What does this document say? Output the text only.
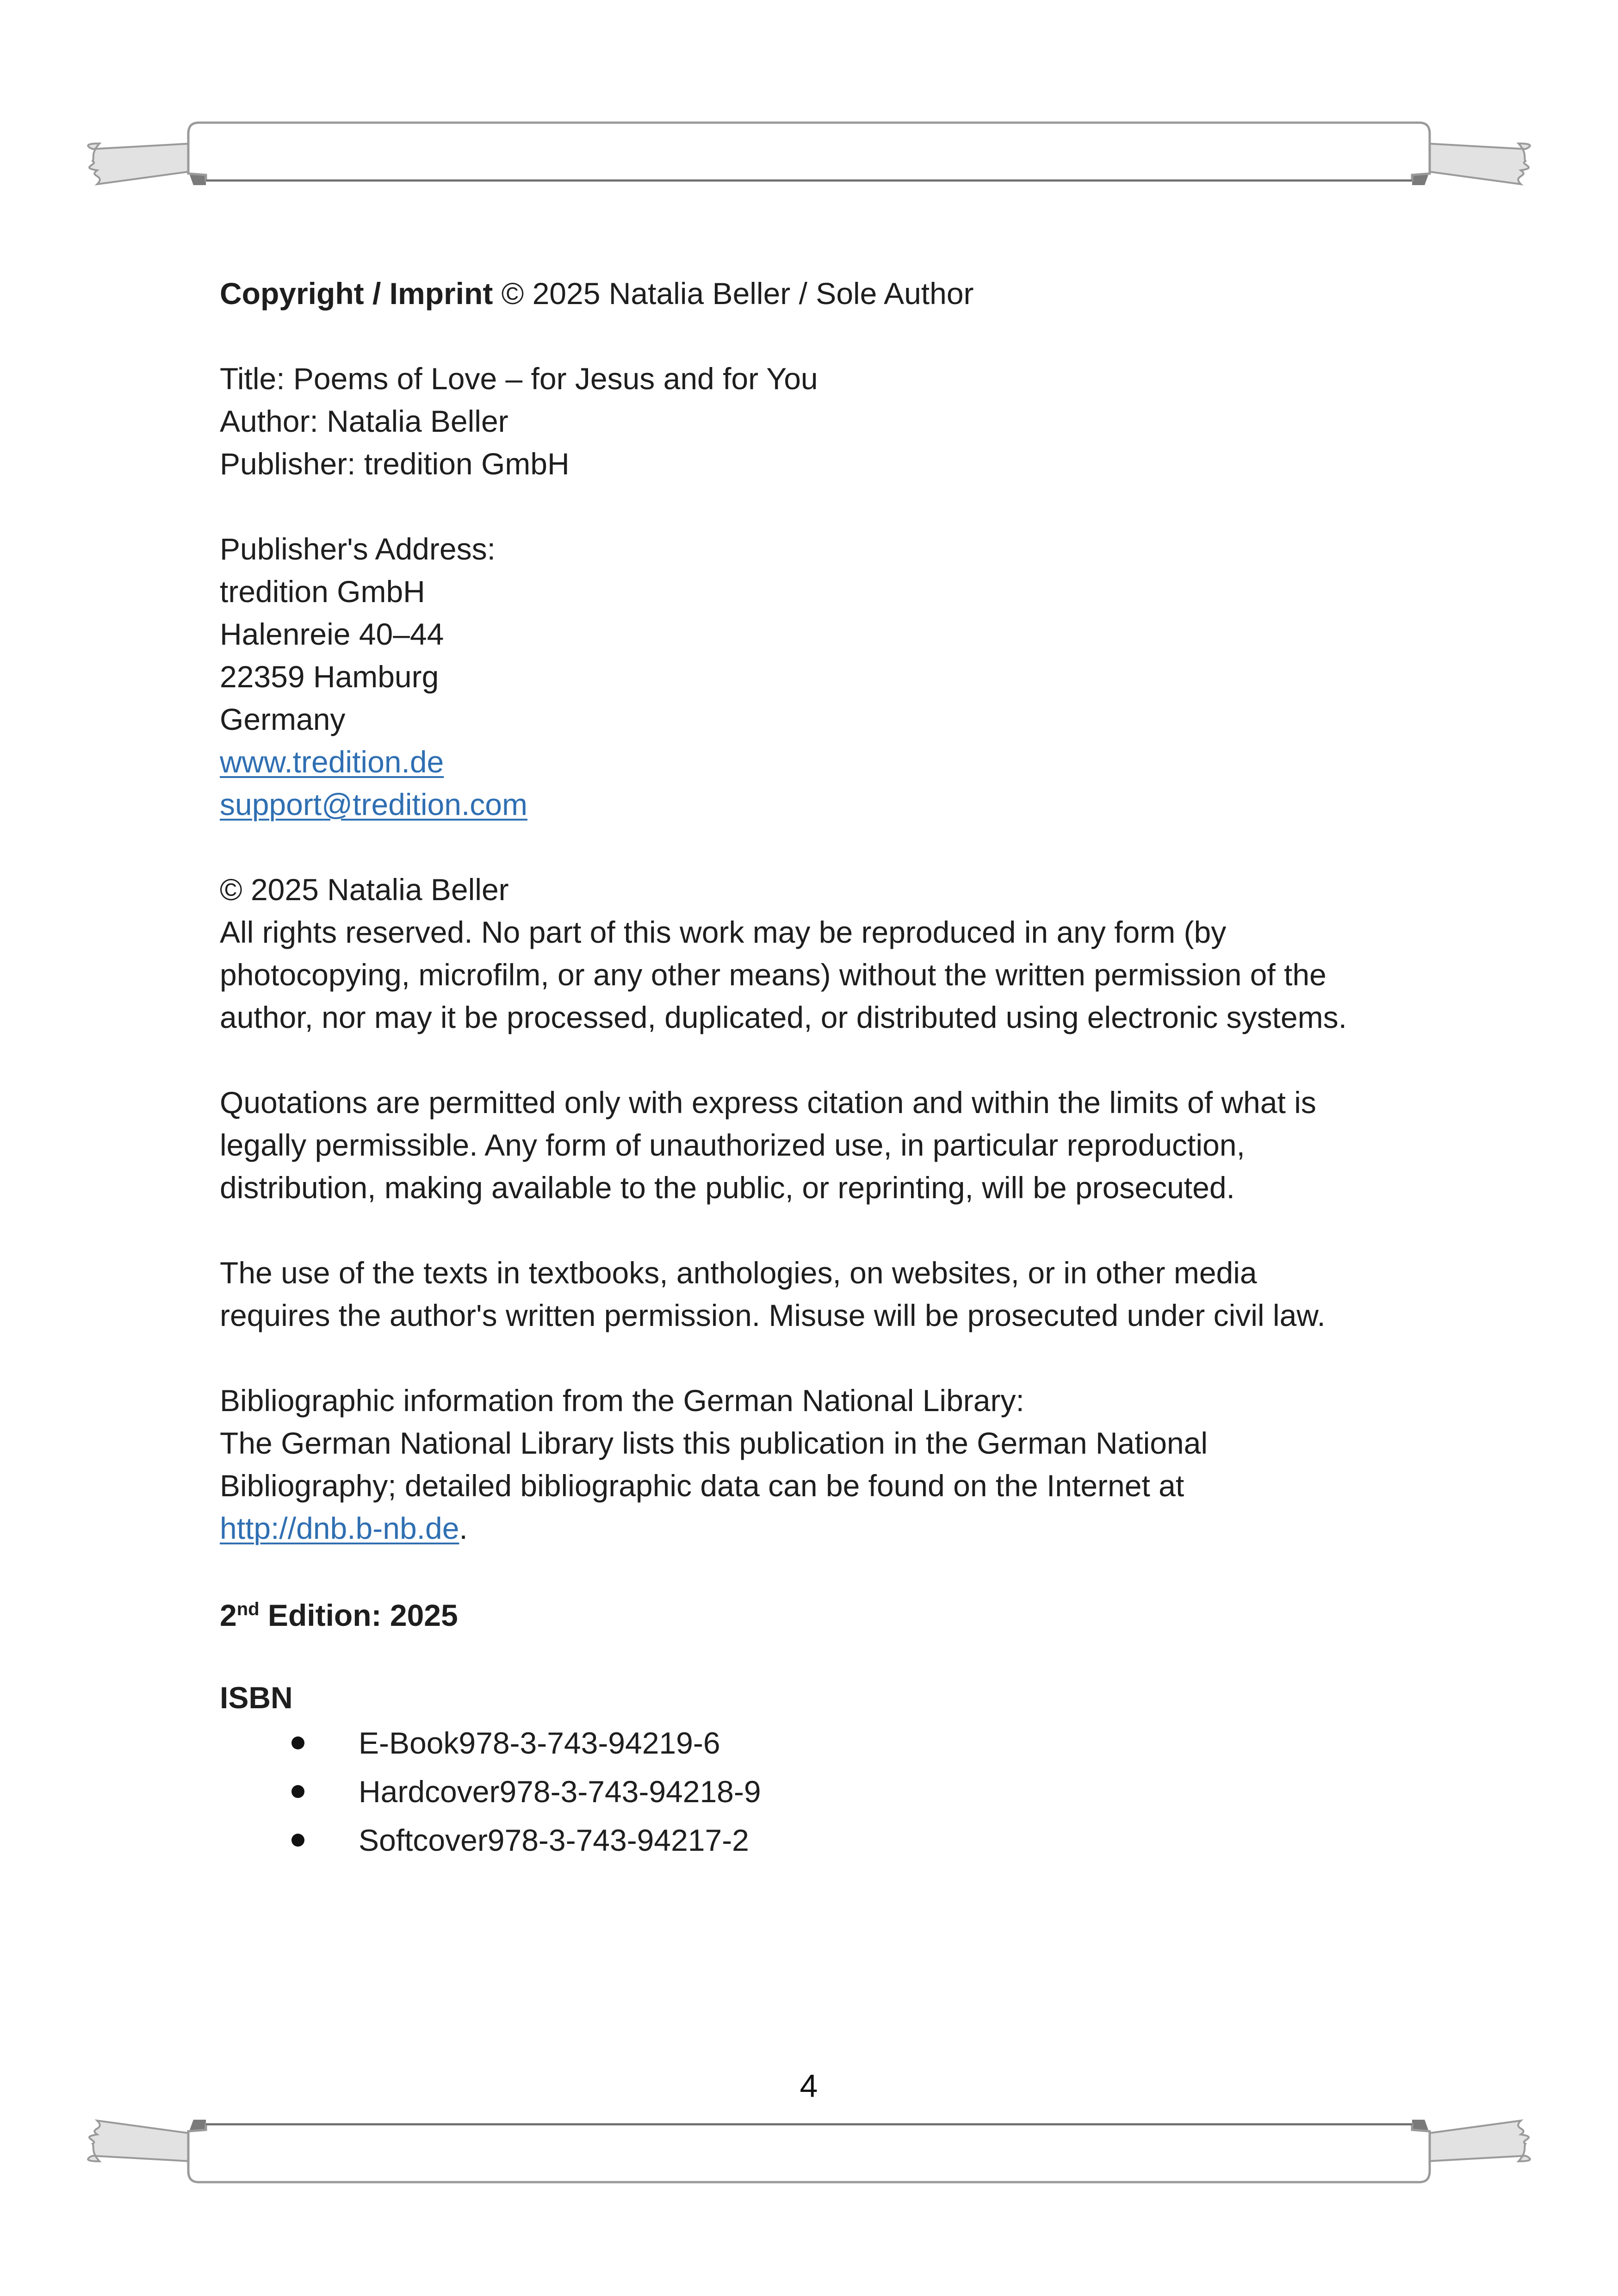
Copyright / Imprint © 2025 Natalia Beller / Sole Author
Title: Poems of Love – for Jesus and for You
Author: Natalia Beller
Publisher: tredition GmbH
Publisher's Address:
tredition GmbH
Halenreie 40–44
22359 Hamburg
Germany
www.tredition.de
support@tredition.com
© 2025 Natalia Beller
All rights reserved. No part of this work may be reproduced in any form (by
photocopying, microfilm, or any other means) without the written permission of the
author, nor may it be processed, duplicated, or distributed using electronic systems.
Quotations are permitted only with express citation and within the limits of what is
legally permissible. Any form of unauthorized use, in particular reproduction,
distribution, making available to the public, or reprinting, will be prosecuted.
The use of the texts in textbooks, anthologies, on websites, or in other media
requires the author's written permission. Misuse will be prosecuted under civil law.
Bibliographic information from the German National Library:
The German National Library lists this publication in the German National
Bibliography; detailed bibliographic data can be found on the Internet at
http://dnb.b-nb.de.
2nd Edition: 2025
ISBN
E-Book978-3-743-94219-6
Hardcover978-3-743-94218-9
Softcover978-3-743-94217-2
4
